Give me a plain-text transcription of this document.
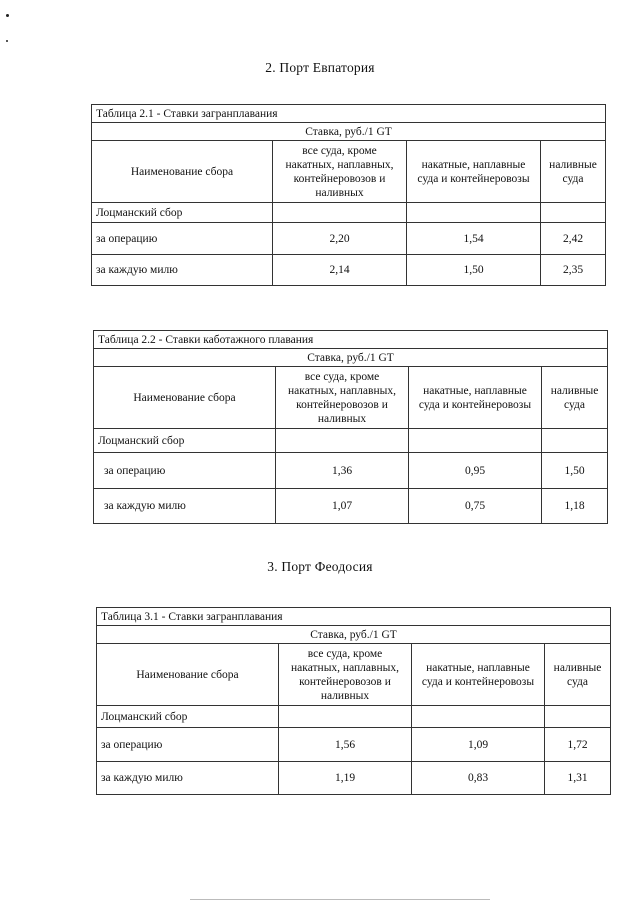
2. Порт Евпатория
Таблица 2.1 - Ставки загранплавания			
Ставка, руб./1 GT			
Наименование сбора	все суда, кроме накатных, наплавных, контейнеровозов и наливных	накатные, наплавные суда и контейнеровозы	наливные суда
Лоцманский сбор			
за операцию	2,20	1,54	2,42
за каждую милю	2,14	1,50	2,35
Таблица 2.2 - Ставки каботажного плавания			
Ставка, руб./1 GT			
Наименование сбора	все суда, кроме накатных, наплавных, контейнеровозов и наливных	накатные, наплавные суда и контейнеровозы	наливные суда
Лоцманский сбор			
за операцию	1,36	0,95	1,50
за каждую милю	1,07	0,75	1,18
3. Порт Феодосия
Таблица 3.1 - Ставки загранплавания			
Ставка, руб./1 GT			
Наименование сбора	все суда, кроме накатных, наплавных, контейнеровозов и наливных	накатные, наплавные суда и контейнеровозы	наливные суда
Лоцманский сбор			
за операцию	1,56	1,09	1,72
за каждую милю	1,19	0,83	1,31
